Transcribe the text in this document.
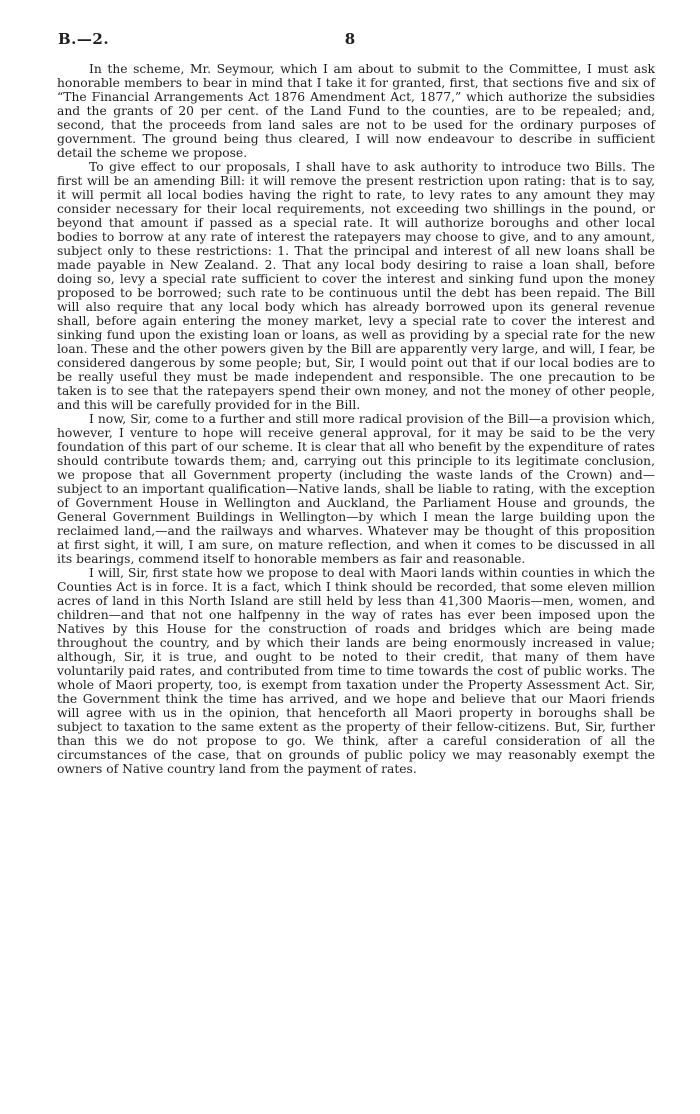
B.—2.	8

In the scheme, Mr. Seymour, which I am about to submit to the Committee, I must ask honorable members to bear in mind that I take it for granted, first, that sections five and six of “The Financial Arrangements Act 1876 Amendment Act, 1877,” which authorize the subsidies and the grants of 20 per cent. of the Land Fund to the counties, are to be repealed; and, second, that the proceeds from land sales are not to be used for the ordinary purposes of government. The ground being thus cleared, I will now endeavour to describe in sufficient detail the scheme we propose.

To give effect to our proposals, I shall have to ask authority to introduce two Bills. The first will be an amending Bill: it will remove the present restriction upon rating: that is to say, it will permit all local bodies having the right to rate, to levy rates to any amount they may consider necessary for their local requirements, not exceeding two shillings in the pound, or beyond that amount if passed as a special rate. It will authorize boroughs and other local bodies to borrow at any rate of interest the ratepayers may choose to give, and to any amount, subject only to these restrictions: 1. That the principal and interest of all new loans shall be made payable in New Zealand. 2. That any local body desiring to raise a loan shall, before doing so, levy a special rate sufficient to cover the interest and sinking fund upon the money proposed to be borrowed; such rate to be continuous until the debt has been repaid. The Bill will also require that any local body which has already borrowed upon its general revenue shall, before again entering the money market, levy a special rate to cover the interest and sinking fund upon the existing loan or loans, as well as providing by a special rate for the new loan. These and the other powers given by the Bill are apparently very large, and will, I fear, be considered dangerous by some people; but, Sir, I would point out that if our local bodies are to be really useful they must be made independent and responsible. The one precaution to be taken is to see that the ratepayers spend their own money, and not the money of other people, and this will be carefully provided for in the Bill.

I now, Sir, come to a further and still more radical provision of the Bill—a provision which, however, I venture to hope will receive general approval, for it may be said to be the very foundation of this part of our scheme. It is clear that all who benefit by the expenditure of rates should contribute towards them; and, carrying out this principle to its legitimate conclusion, we propose that all Government property (including the waste lands of the Crown) and—subject to an important qualification—Native lands, shall be liable to rating, with the exception of Government House in Wellington and Auckland, the Parliament House and grounds, the General Government Buildings in Wellington—by which I mean the large building upon the reclaimed land,—and the railways and wharves. Whatever may be thought of this proposition at first sight, it will, I am sure, on mature reflection, and when it comes to be discussed in all its bearings, commend itself to honorable members as fair and reasonable.

I will, Sir, first state how we propose to deal with Maori lands within counties in which the Counties Act is in force. It is a fact, which I think should be recorded, that some eleven million acres of land in this North Island are still held by less than 41,300 Maoris—men, women, and children—and that not one halfpenny in the way of rates has ever been imposed upon the Natives by this House for the construction of roads and bridges which are being made throughout the country, and by which their lands are being enormously increased in value; although, Sir, it is true, and ought to be noted to their credit, that many of them have voluntarily paid rates, and contributed from time to time towards the cost of public works. The whole of Maori property, too, is exempt from taxation under the Property Assessment Act. Sir, the Government think the time has arrived, and we hope and believe that our Maori friends will agree with us in the opinion, that henceforth all Maori property in boroughs shall be subject to taxation to the same extent as the property of their fellow-citizens. But, Sir, further than this we do not propose to go. We think, after a careful consideration of all the circumstances of the case, that on grounds of public policy we may reasonably exempt the owners of Native country land from the payment of rates.
